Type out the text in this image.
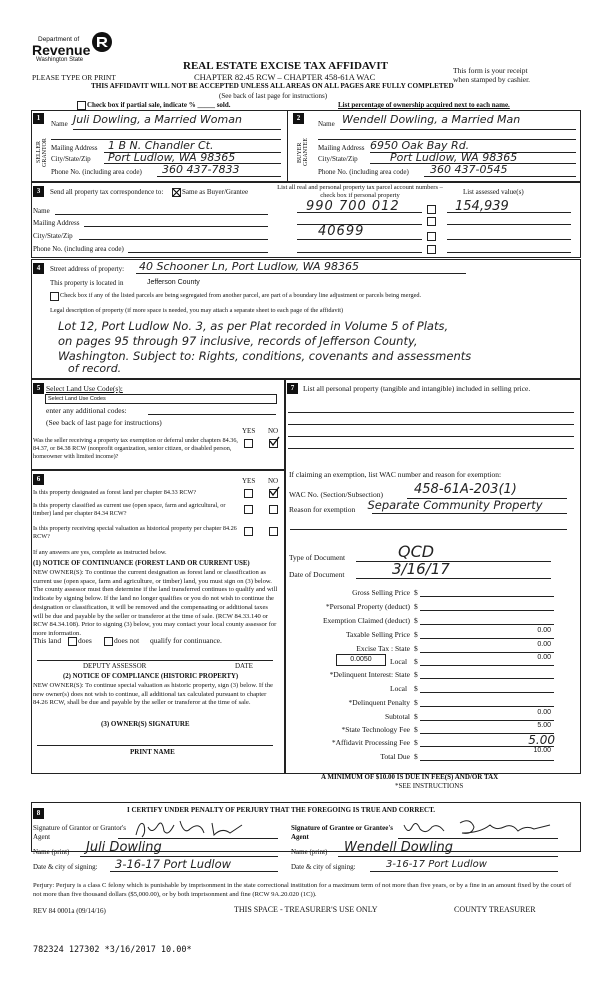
Department of
Revenue
Washington State
PLEASE TYPE OR PRINT
REAL ESTATE EXCISE TAX AFFIDAVIT
CHAPTER 82.45 RCW – CHAPTER 458-61A WAC
THIS AFFIDAVIT WILL NOT BE ACCEPTED UNLESS ALL AREAS ON ALL PAGES ARE FULLY COMPLETED
(See back of last page for instructions)
This form is your receipt
when stamped by cashier.
Check box if partial sale, indicate % _____ sold.	List percentage of ownership acquired next to each name.
1
SELLER GRANTOR
2
BUYER GRANTEE
Name Juli Dowling, a Married Woman
Mailing Address 1 B N. Chandler Ct.
City/State/Zip Port Ludlow, WA 98365
Phone No. (including area code) 360 437-7833
Name Wendell Dowling, a Married Man
Mailing Address 6950 Oak Bay Rd.
City/State/Zip	Port Ludlow, WA 98365
Phone No. (including area code) 360 437-0545
3	Send all property tax correspondence to:	Same as Buyer/Grantee
Name
Mailing Address
City/State/Zip
Phone No. (including area code)
List all real and personal property tax parcel account numbers – check box if personal property	List assessed value(s)
990 700 012	154,939
40699
4	Street address of property: 40 Schooner Ln, Port Ludlow, WA 98365
This property is located in	Jefferson County
Check box if any of the listed parcels are being segregated from another parcel, are part of a boundary line adjustment or parcels being merged.
Legal description of property (if more space is needed, you may attach a separate sheet to each page of the affidavit)
Lot 12, Port Ludlow No. 3, as per Plat recorded in Volume 5 of Plats,
on pages 95 through 97 inclusive, records of Jefferson County,
Washington. Subject to: Rights, conditions, covenants and assessments
of record.
5 Select Land Use Code(s):
Select Land Use Codes
enter any additional codes:
(See back of last page for instructions)
YES NO
Was the seller receiving a property tax exemption or deferral under chapters 84.36, 84.37, or 84.38 RCW (nonprofit organization, senior citizen, or disabled person, homeowner with limited income)?
6	YES NO
Is this property designated as forest land per chapter 84.33 RCW?
Is this property classified as current use (open space, farm and agricultural, or timber) land per chapter 84.34 RCW?
Is this property receiving special valuation as historical property per chapter 84.26 RCW?
If any answers are yes, complete as instructed below.
(1) NOTICE OF CONTINUANCE (FOREST LAND OR CURRENT USE)
NEW OWNER(S): To continue the current designation as forest land or classification as current use (open space, farm and agriculture, or timber) land, you must sign on (3) below. The county assessor must then determine if the land transferred continues to qualify and will indicate by signing below. If the land no longer qualifies or you do not wish to continue the designation or classification, it will be removed and the compensating or additional taxes will be due and payable by the seller or transferor at the time of sale. (RCW 84.33.140 or RCW 84.34.108). Prior to signing (3) below, you may contact your local county assessor for more information.
This land does	does not qualify for continuance.
DEPUTY ASSESSOR	DATE
(2) NOTICE OF COMPLIANCE (HISTORIC PROPERTY)
NEW OWNER(S): To continue special valuation as historic property, sign (3) below. If the new owner(s) does not wish to continue, all additional tax calculated pursuant to chapter 84.26 RCW, shall be due and payable by the seller or transferor at the time of sale.
(3) OWNER(S) SIGNATURE
PRINT NAME
7	List all personal property (tangible and intangible) included in selling price.
If claiming an exemption, list WAC number and reason for exemption:
WAC No. (Section/Subsection) 458-61A-203(1)
Reason for exemption	Separate Community Property
Type of Document	QCD
Date of Document	3/16/17
Gross Selling Price $
*Personal Property (deduct) $
Exemption Claimed (deduct) $
Taxable Selling Price $	0.00
Excise Tax : State $	0.00
0.0050	Local $	0.00
*Delinquent Interest: State $
Local $
*Delinquent Penalty $
Subtotal $	0.00
*State Technology Fee $	5.00
*Affidavit Processing Fee $	5.00
Total Due $
10.00
A MINIMUM OF $10.00 IS DUE IN FEE(S) AND/OR TAX
*SEE INSTRUCTIONS
8	I CERTIFY UNDER PENALTY OF PERJURY THAT THE FOREGOING IS TRUE AND CORRECT.
Signature of Grantor or Grantor's Agent
Signature of Grantee or Grantee's Agent
Name (print) Juli Dowling	Name (print) Wendell Dowling
Date & city of signing: 3-16-17 Port Ludlow	Date & city of signing:	3-16-17 Port Ludlow
Perjury: Perjury is a class C felony which is punishable by imprisonment in the state correctional institution for a maximum term of not more than five years, or by a fine in an amount fixed by the court of not more than five thousand dollars ($5,000.00), or by both imprisonment and fine (RCW 9A.20.020 (1C)).
REV 84 0001a (09/14/16)	THIS SPACE - TREASURER'S USE ONLY	COUNTY TREASURER
782324 127302 *3/16/2017 10.00*
